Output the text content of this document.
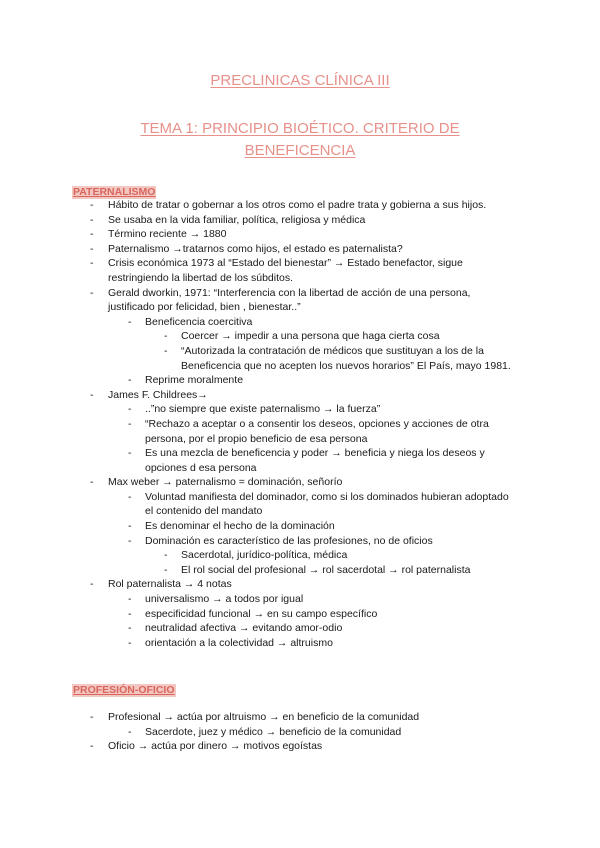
PRECLINICAS CLÍNICA III
TEMA 1: PRINCIPIO BIOÉTICO. CRITERIO DE BENEFICENCIA
PATERNALISMO
-	Hábito de tratar o gobernar a los otros como el padre trata y gobierna a sus hijos.
-	Se usaba en la vida familiar, política, religiosa y médica
-	Término reciente → 1880
-	Paternalismo →tratarnos como hijos, el estado es paternalista?
-	Crisis económica 1973 al “Estado del bienestar” → Estado benefactor, sigue restringiendo la libertad de los súbditos.
-	Gerald dworkin, 1971: “Interferencia con la libertad de acción de una persona, justificado por felicidad, bien , bienestar..”
-	Beneficencia coercitiva
-	Coercer → impedir a una persona que haga cierta cosa
-	“Autorizada la contratación de médicos que sustituyan a los de la Beneficencia que no acepten los nuevos horarios” El País, mayo 1981.
-	Reprime moralmente
-	James F. Childrees→
-	..”no siempre que existe paternalismo → la fuerza”
-	“Rechazo a aceptar o a consentir los deseos, opciones y acciones de otra persona, por el propio beneficio de esa persona
-	Es una mezcla de beneficencia y poder → beneficia y niega los deseos y opciones d esa persona
-	Max weber → paternalismo = dominación, señorío
-	Voluntad manifiesta del dominador, como si los dominados hubieran adoptado el contenido del mandato
-	Es denominar el hecho de la dominación
-	Dominación es característico de las profesiones, no de oficios
-	Sacerdotal, jurídico-política, médica
-	El rol social del profesional → rol sacerdotal → rol paternalista
-	Rol paternalista → 4 notas
-	universalismo → a todos por igual
-	especificidad funcional → en su campo específico
-	neutralidad afectiva → evitando amor-odio
-	orientación a la colectividad → altruismo
PROFESIÓN-OFICIO
-	Profesional → actúa por altruismo → en beneficio de la comunidad
-	Sacerdote, juez y médico → beneficio de la comunidad
-	Oficio → actúa por dinero → motivos egoístas
